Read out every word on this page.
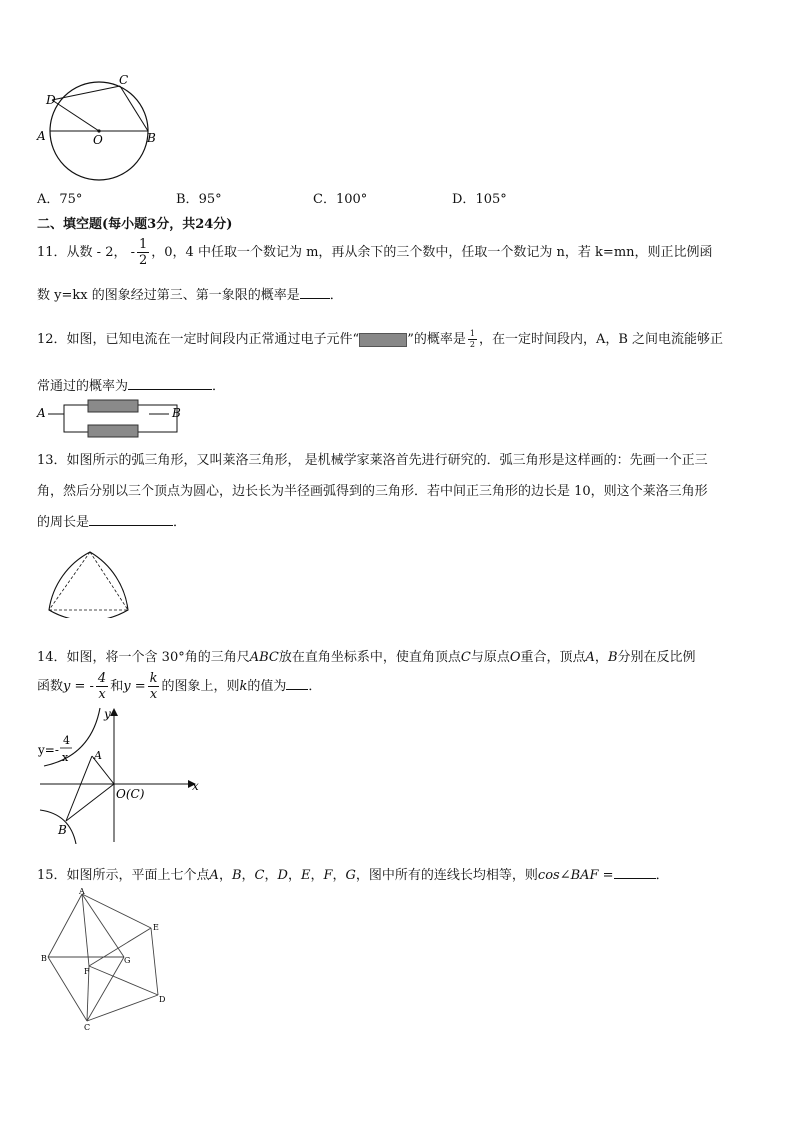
C
D
A	O	B
A．75°	B．95°	C．100°	D．105°
二、填空题(每小题3分，共24分)
11．从数 - 2， - $\frac{1}{2}$ ，0，4 中任取一个数记为 m，再从余下的三个数中，任取一个数记为 n，若 k=mn，则正比例函
数 y=kx 的图象经过第三、第一象限的概率是 ．
12．如图，已知电流在一定时间段内正常通过电子元件“	”的概率是 $\frac{1}{2}$ ，在一定时间段内，A，B 之间电流能够正
常通过的概率为	．
A	B
13．如图所示的弧三角形，又叫莱洛三角形， 是机械学家莱洛首先进行研究的．弧三角形是这样画的：先画一个正三
角，然后分别以三个顶点为圆心，边长长为半径画弧得到的三角形．若中间正三角形的边长是 10，则这个莱洛三角形
的周长是	．
14．如图，将一个含 30°角的三角尺ABC放在直角坐标系中，使直角顶点C与原点O重合，顶点A，B分别在反比例
函数y = - $\frac{4}{x}$ 和$y = \frac{k}{x}$ 的图象上，则k的值为 ．
y
x
O(C)
A
B
y=-
4
x
15．如图所示，平面上七个点A，B，C，D，E，F，G，图中所有的连线长均相等，则cos∠BAF =	．
A
B
C
D
E
F
G
